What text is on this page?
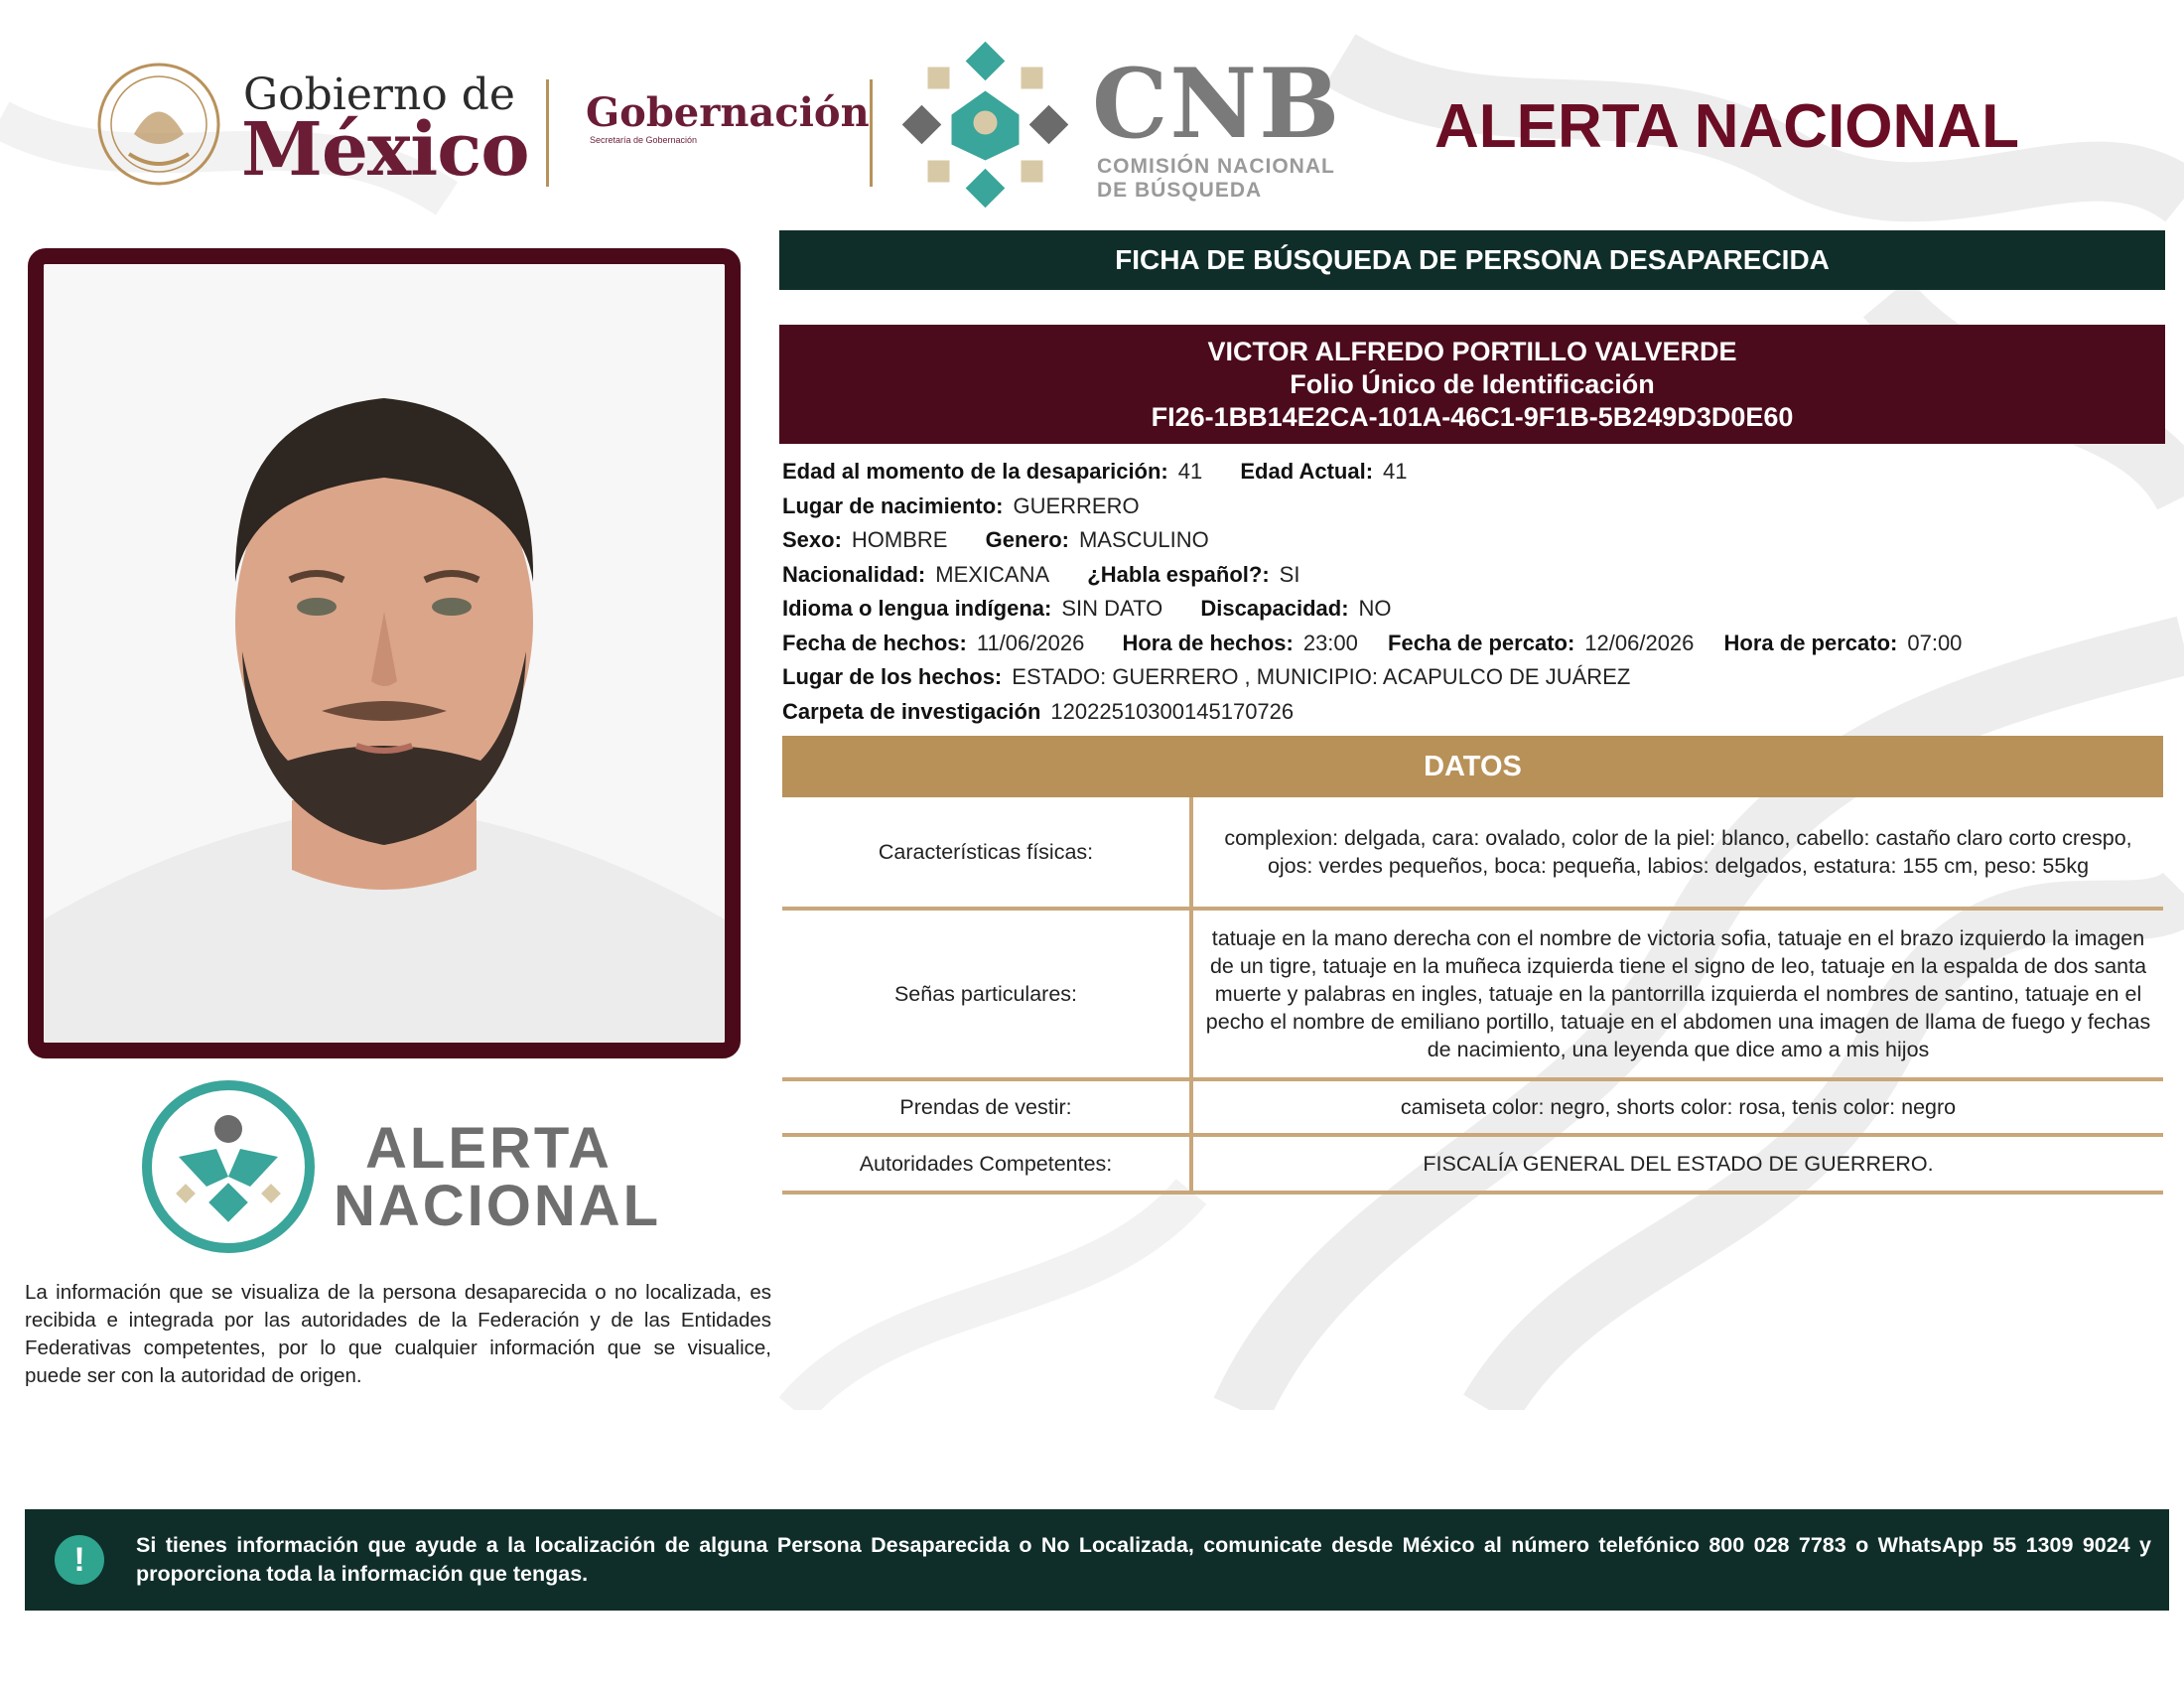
Gobierno de
México Gobernación
Secretaría de Gobernación	CNB
COMISIÓN NACIONAL
DE BÚSQUEDA
ALERTA NACIONAL
ALERTA
NACIONAL
La información que se visualiza de la persona desaparecida o no localizada, es recibida e integrada por las autoridades de la Federación y de las Entidades Federativas competentes, por lo que cualquier información que se visualice, puede ser con la autoridad de origen.
FICHA DE BÚSQUEDA DE PERSONA DESAPARECIDA
VICTOR ALFREDO PORTILLO VALVERDE
Folio Único de Identificación
FI26-1BB14E2CA-101A-46C1-9F1B-5B249D3D0E60
Edad al momento de la desaparición: 41 Edad Actual: 41
Lugar de nacimiento: GUERRERO
Sexo: HOMBRE Genero: MASCULINO
Nacionalidad: MEXICANA ¿Habla español?: SI
Idioma o lengua indígena: SIN DATO Discapacidad: NO
Fecha de hechos: 11/06/2026 Hora de hechos: 23:00 Fecha de percato: 12/06/2026 Hora de percato: 07:00
Lugar de los hechos: ESTADO: GUERRERO , MUNICIPIO: ACAPULCO DE JUÁREZ
Carpeta de investigación 12022510300145170726
DATOS
Características físicas:
complexion: delgada, cara: ovalado, color de la piel: blanco, cabello: castaño claro corto crespo, ojos: verdes pequeños, boca: pequeña, labios: delgados, estatura: 155 cm, peso: 55kg
Señas particulares:
tatuaje en la mano derecha con el nombre de victoria sofia, tatuaje en el brazo izquierdo la imagen de un tigre, tatuaje en la muñeca izquierda tiene el signo de leo, tatuaje en la espalda de dos santa muerte y palabras en ingles, tatuaje en la pantorrilla izquierda el nombres de santino, tatuaje en el pecho el nombre de emiliano portillo, tatuaje en el abdomen una imagen de llama de fuego y fechas de nacimiento, una leyenda que dice amo a mis hijos
Prendas de vestir:	camiseta color: negro, shorts color: rosa, tenis color: negro
Autoridades Competentes:	FISCALÍA GENERAL DEL ESTADO DE GUERRERO.
!	Si tienes información que ayude a la localización de alguna Persona Desaparecida o No Localizada, comunicate desde México al número telefónico 800 028 7783 o WhatsApp 55 1309 9024 y proporciona toda la información que tengas.
